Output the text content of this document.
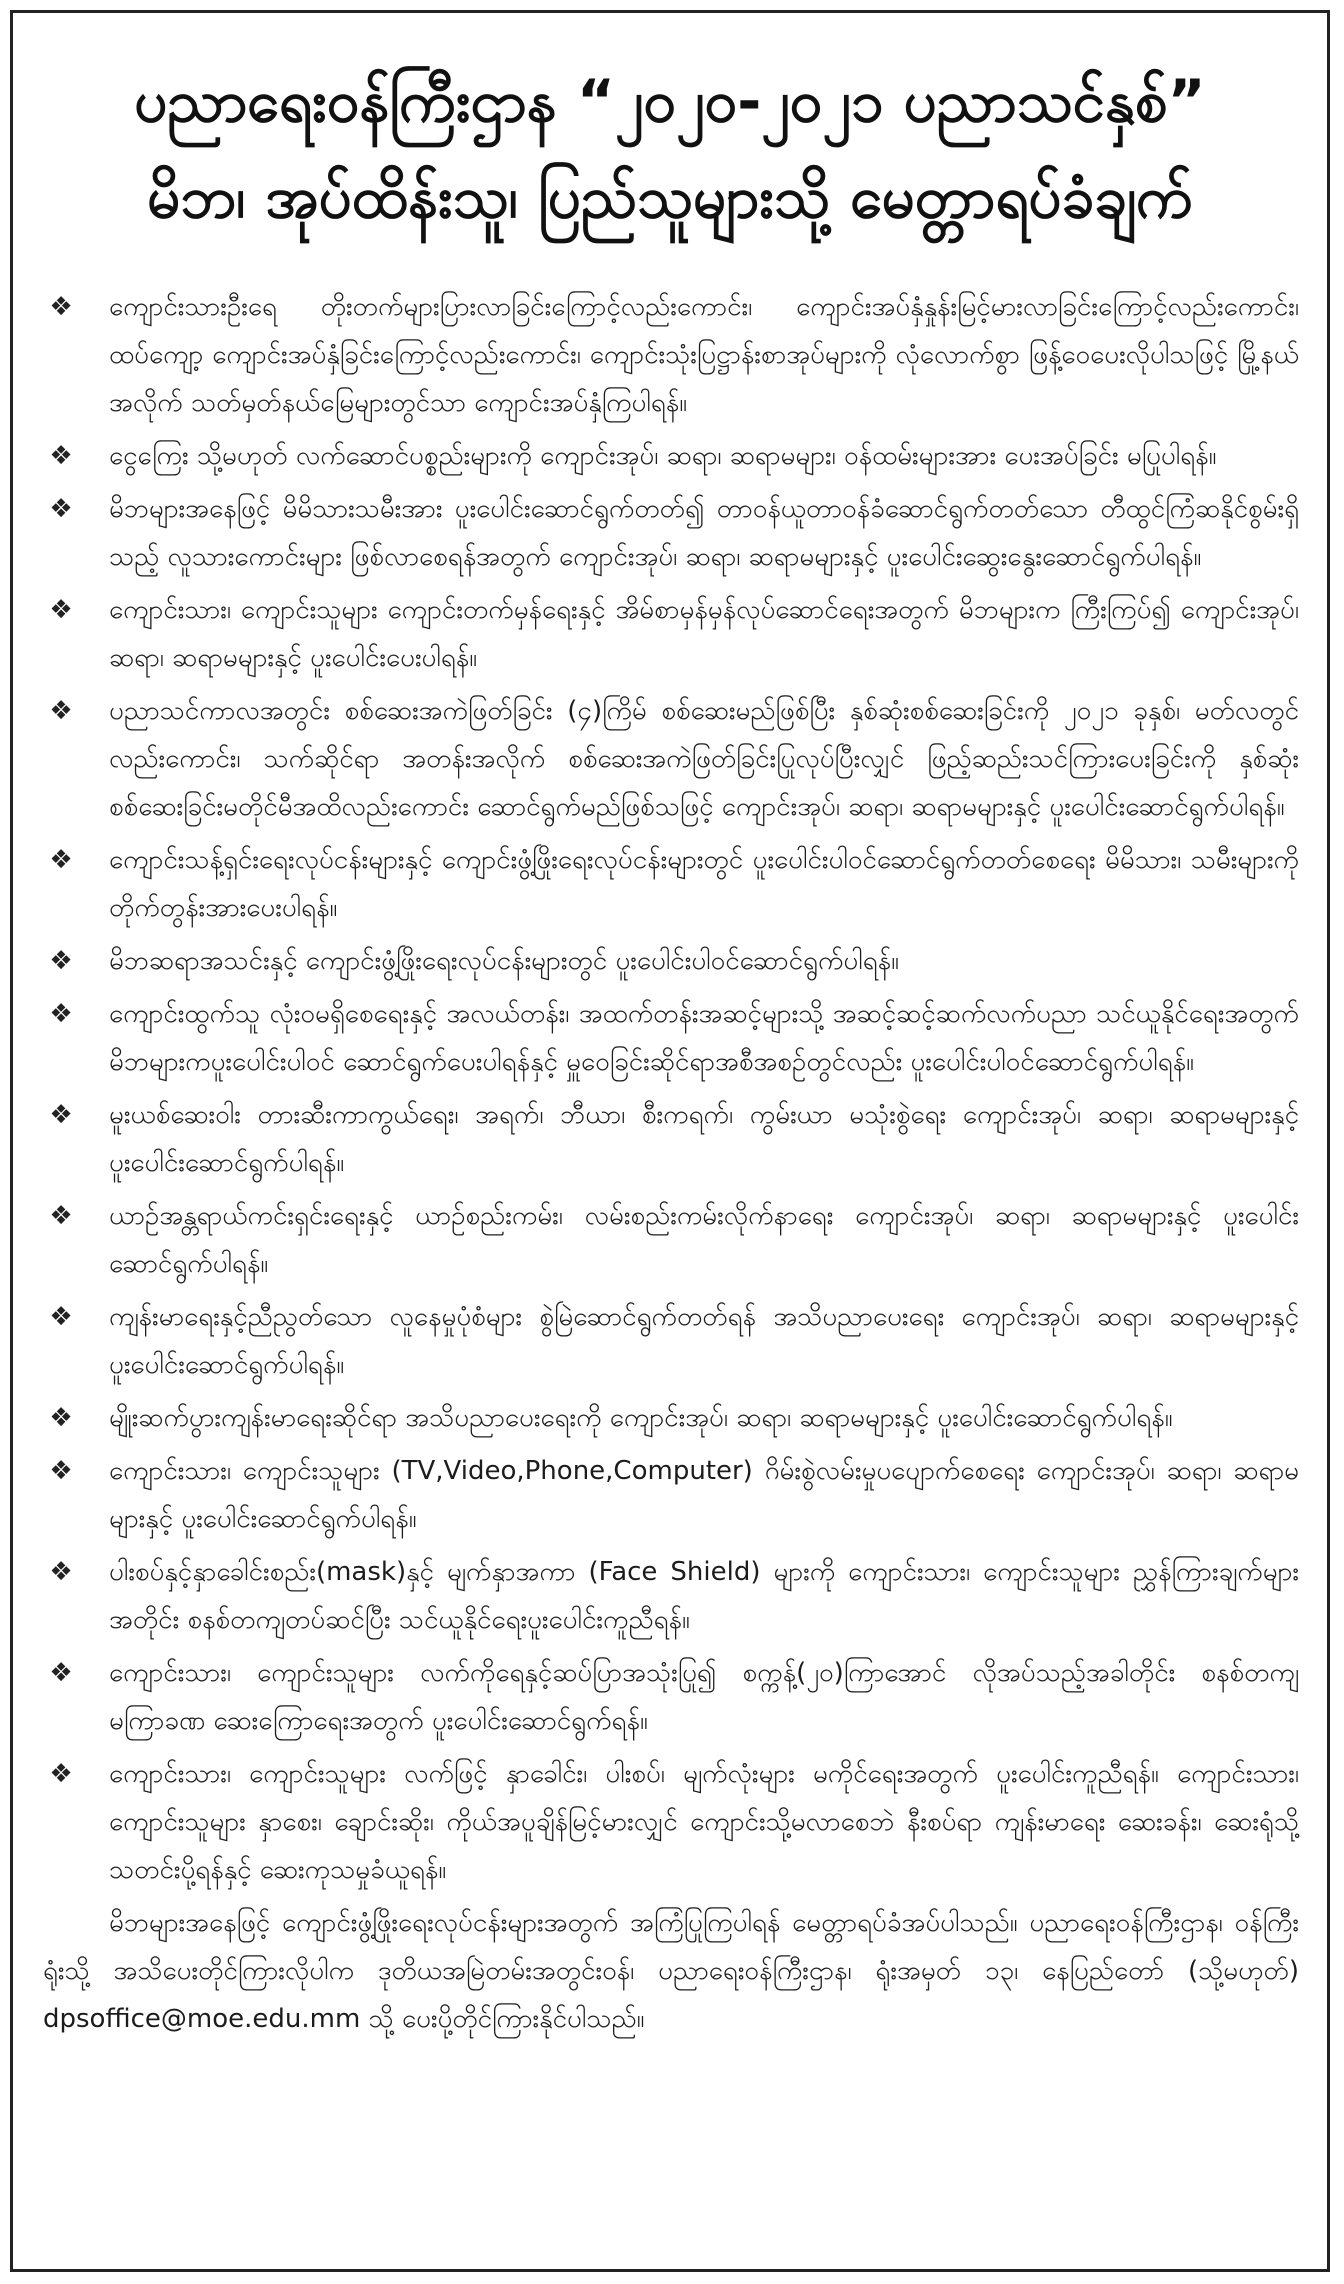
ပညာရေးဝန်ကြီးဌာန “၂၀၂၀-၂၀၂၁ ပညာသင်နှစ်”
မိဘ၊ အုပ်ထိန်းသူ၊ ပြည်သူများသို့ မေတ္တာရပ်ခံချက်
❖	ကျောင်းသားဦးရေ တိုးတက်များပြားလာခြင်းကြောင့်လည်းကောင်း၊ ကျောင်းအပ်နှံနှုန်းမြင့်မားလာခြင်းကြောင့်လည်းကောင်း၊ ထပ်ကျော့ ကျောင်းအပ်နှံခြင်းကြောင့်လည်းကောင်း၊ ကျောင်းသုံးပြဋ္ဌာန်းစာအုပ်များကို လုံလောက်စွာ ဖြန့်ဝေပေးလိုပါသဖြင့် မြို့နယ်အလိုက် သတ်မှတ်နယ်မြေများတွင်သာ ကျောင်းအပ်နှံကြပါရန်။

❖	ငွေကြေး သို့မဟုတ် လက်ဆောင်ပစ္စည်းများကို ကျောင်းအုပ်၊ ဆရာ၊ ဆရာမများ၊ ဝန်ထမ်းများအား ပေးအပ်ခြင်း မပြုပါရန်။

❖	မိဘများအနေဖြင့် မိမိသားသမီးအား ပူးပေါင်းဆောင်ရွက်တတ်၍ တာဝန်ယူတာဝန်ခံဆောင်ရွက်တတ်သော တီထွင်ကြံဆနိုင်စွမ်းရှိသည့် လူသားကောင်းများ ဖြစ်လာစေရန်အတွက် ကျောင်းအုပ်၊ ဆရာ၊ ဆရာမများနှင့် ပူးပေါင်းဆွေးနွေးဆောင်ရွက်ပါရန်။

❖	ကျောင်းသား၊ ကျောင်းသူများ ကျောင်းတက်မှန်ရေးနှင့် အိမ်စာမှန်မှန်လုပ်ဆောင်ရေးအတွက် မိဘများက ကြီးကြပ်၍ ကျောင်းအုပ်၊ ဆရာ၊ ဆရာမများနှင့် ပူးပေါင်းပေးပါရန်။

❖	ပညာသင်ကာလအတွင်း စစ်ဆေးအကဲဖြတ်ခြင်း (၄)ကြိမ် စစ်ဆေးမည်ဖြစ်ပြီး နှစ်ဆုံးစစ်ဆေးခြင်းကို ၂၀၂၁ ခုနှစ်၊ မတ်လတွင် လည်းကောင်း၊ သက်ဆိုင်ရာ အတန်းအလိုက် စစ်ဆေးအကဲဖြတ်ခြင်းပြုလုပ်ပြီးလျှင် ဖြည့်ဆည်းသင်ကြားပေးခြင်းကို နှစ်ဆုံး စစ်ဆေးခြင်းမတိုင်မီအထိလည်းကောင်း ဆောင်ရွက်မည်ဖြစ်သဖြင့် ကျောင်းအုပ်၊ ဆရာ၊ ဆရာမများနှင့် ပူးပေါင်းဆောင်ရွက်ပါရန်။

❖	ကျောင်းသန့်ရှင်းရေးလုပ်ငန်းများနှင့် ကျောင်းဖွံ့ဖြိုးရေးလုပ်ငန်းများတွင် ပူးပေါင်းပါဝင်ဆောင်ရွက်တတ်စေရေး မိမိသား၊ သမီးများကို တိုက်တွန်းအားပေးပါရန်။

❖	မိဘဆရာအသင်းနှင့် ကျောင်းဖွံ့ဖြိုးရေးလုပ်ငန်းများတွင် ပူးပေါင်းပါဝင်ဆောင်ရွက်ပါရန်။

❖	ကျောင်းထွက်သူ လုံးဝမရှိစေရေးနှင့် အလယ်တန်း၊ အထက်တန်းအဆင့်များသို့ အဆင့်ဆင့်ဆက်လက်ပညာ သင်ယူနိုင်ရေးအတွက် မိဘများကပူးပေါင်းပါဝင် ဆောင်ရွက်ပေးပါရန်နှင့် မှူဝေခြင်းဆိုင်ရာအစီအစဉ်တွင်လည်း ပူးပေါင်းပါဝင်ဆောင်ရွက်ပါရန်။

❖	မူးယစ်ဆေးဝါး တားဆီးကာကွယ်ရေး၊ အရက်၊ ဘီယာ၊ စီးကရက်၊ ကွမ်းယာ မသုံးစွဲရေး ကျောင်းအုပ်၊ ဆရာ၊ ဆရာမများနှင့် ပူးပေါင်းဆောင်ရွက်ပါရန်။

❖	ယာဉ်အန္တရာယ်ကင်းရှင်းရေးနှင့် ယာဉ်စည်းကမ်း၊ လမ်းစည်းကမ်းလိုက်နာရေး ကျောင်းအုပ်၊ ဆရာ၊ ဆရာမများနှင့် ပူးပေါင်းဆောင်ရွက်ပါရန်။

❖	ကျန်းမာရေးနှင့်ညီညွတ်သော လူနေမှုပုံစံများ စွဲမြဲဆောင်ရွက်တတ်ရန် အသိပညာပေးရေး ကျောင်းအုပ်၊ ဆရာ၊ ဆရာမများနှင့် ပူးပေါင်းဆောင်ရွက်ပါရန်။

❖	မျိုးဆက်ပွားကျန်းမာရေးဆိုင်ရာ အသိပညာပေးရေးကို ကျောင်းအုပ်၊ ဆရာ၊ ဆရာမများနှင့် ပူးပေါင်းဆောင်ရွက်ပါရန်။

❖	ကျောင်းသား၊ ကျောင်းသူများ (TV,Video,Phone,Computer) ဂိမ်းစွဲလမ်းမှုပပျောက်စေရေး ကျောင်းအုပ်၊ ဆရာ၊ ဆရာမများနှင့် ပူးပေါင်းဆောင်ရွက်ပါရန်။

❖	ပါးစပ်နှင့်နှာခေါင်းစည်း(mask)နှင့် မျက်နှာအကာ (Face Shield) များကို ကျောင်းသား၊ ကျောင်းသူများ ညွှန်ကြားချက်များအတိုင်း စနစ်တကျတပ်ဆင်ပြီး သင်ယူနိုင်ရေးပူးပေါင်းကူညီရန်။

❖	ကျောင်းသား၊ ကျောင်းသူများ လက်ကိုရေနှင့်ဆပ်ပြာအသုံးပြု၍ စက္ကန့်(၂၀)ကြာအောင် လိုအပ်သည့်အခါတိုင်း စနစ်တကျ မကြာခဏ ဆေးကြောရေးအတွက် ပူးပေါင်းဆောင်ရွက်ရန်။

❖	ကျောင်းသား၊ ကျောင်းသူများ လက်ဖြင့် နှာခေါင်း၊ ပါးစပ်၊ မျက်လုံးများ မကိုင်ရေးအတွက် ပူးပေါင်းကူညီရန်။ ကျောင်းသား၊ ကျောင်းသူများ နှာစေး၊ ချောင်းဆိုး၊ ကိုယ်အပူချိန်မြင့်မားလျှင် ကျောင်းသို့မလာစေဘဲ နီးစပ်ရာ ကျန်းမာရေး ဆေးခန်း၊ ဆေးရုံသို့ သတင်းပို့ရန်နှင့် ဆေးကုသမှုခံယူရန်။

မိဘများအနေဖြင့် ကျောင်းဖွံ့ဖြိုးရေးလုပ်ငန်းများအတွက် အကြံပြုကြပါရန် မေတ္တာရပ်ခံအပ်ပါသည်။ ပညာရေးဝန်ကြီးဌာန၊ ဝန်ကြီးရုံးသို့ အသိပေးတိုင်ကြားလိုပါက ဒုတိယအမြဲတမ်းအတွင်းဝန်၊ ပညာရေးဝန်ကြီးဌာန၊ ရုံးအမှတ် ၁၃၊ နေပြည်တော် (သို့မဟုတ်) dpsoffice@moe.edu.mm သို့ ပေးပို့တိုင်ကြားနိုင်ပါသည်။
